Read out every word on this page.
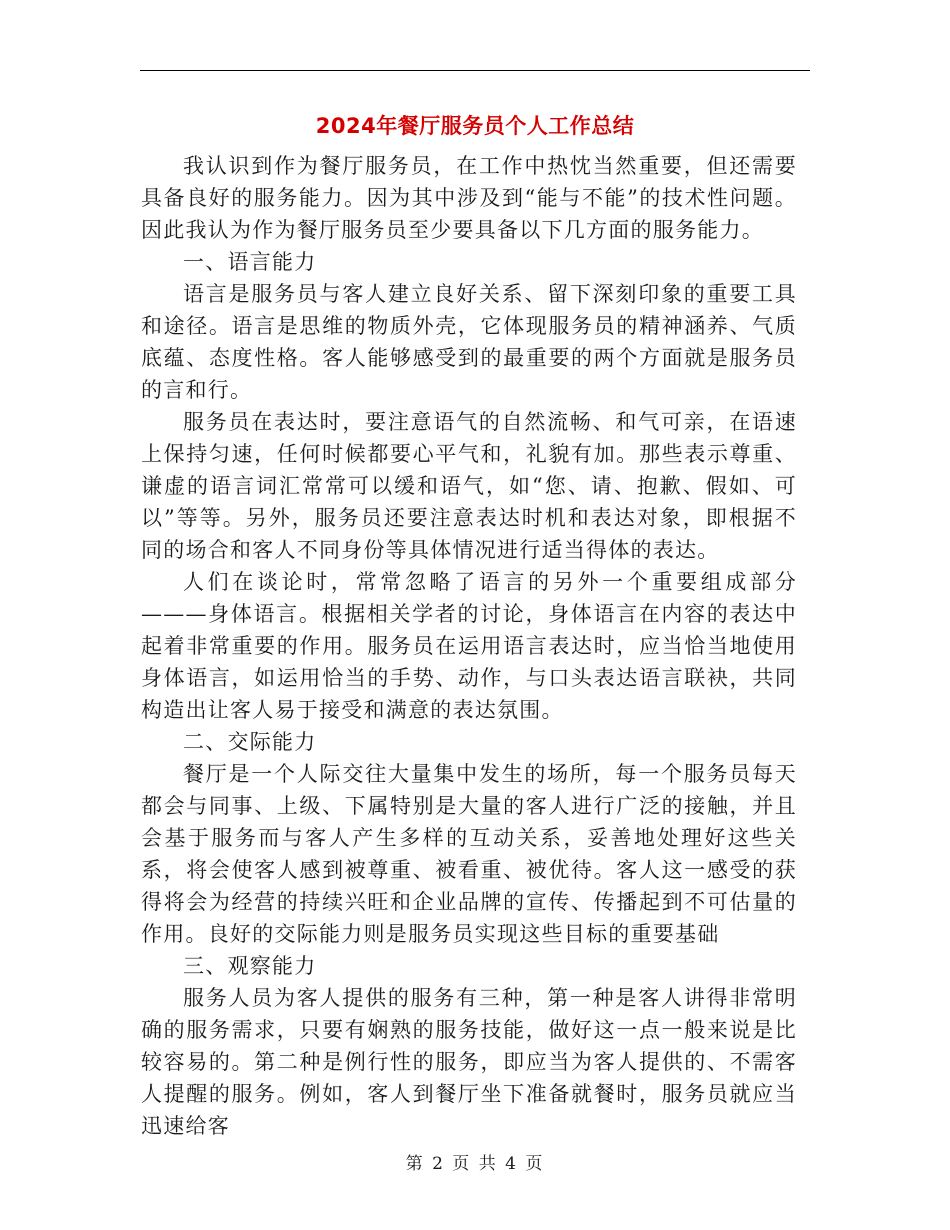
2024年餐厅服务员个人工作总结

我认识到作为餐厅服务员，在工作中热忱当然重要，但还需要具备良好的服务能力。因为其中涉及到“能与不能”的技术性问题。因此我认为作为餐厅服务员至少要具备以下几方面的服务能力。

一、语言能力

语言是服务员与客人建立良好关系、留下深刻印象的重要工具和途径。语言是思维的物质外壳，它体现服务员的精神涵养、气质底蕴、态度性格。客人能够感受到的最重要的两个方面就是服务员的言和行。

服务员在表达时，要注意语气的自然流畅、和气可亲，在语速上保持匀速，任何时候都要心平气和，礼貌有加。那些表示尊重、谦虚的语言词汇常常可以缓和语气，如“您、请、抱歉、假如、可以”等等。另外，服务员还要注意表达时机和表达对象，即根据不同的场合和客人不同身份等具体情况进行适当得体的表达。

人们在谈论时，常常忽略了语言的另外一个重要组成部分———身体语言。根据相关学者的讨论，身体语言在内容的表达中起着非常重要的作用。服务员在运用语言表达时，应当恰当地使用身体语言，如运用恰当的手势、动作，与口头表达语言联袂，共同构造出让客人易于接受和满意的表达氛围。

二、交际能力

餐厅是一个人际交往大量集中发生的场所，每一个服务员每天都会与同事、上级、下属特别是大量的客人进行广泛的接触，并且会基于服务而与客人产生多样的互动关系，妥善地处理好这些关系，将会使客人感到被尊重、被看重、被优待。客人这一感受的获得将会为经营的持续兴旺和企业品牌的宣传、传播起到不可估量的作用。良好的交际能力则是服务员实现这些目标的重要基础

三、观察能力

服务人员为客人提供的服务有三种，第一种是客人讲得非常明确的服务需求，只要有娴熟的服务技能，做好这一点一般来说是比较容易的。第二种是例行性的服务，即应当为客人提供的、不需客人提醒的服务。例如，客人到餐厅坐下准备就餐时，服务员就应当迅速给客

第 2 页 共 4 页
